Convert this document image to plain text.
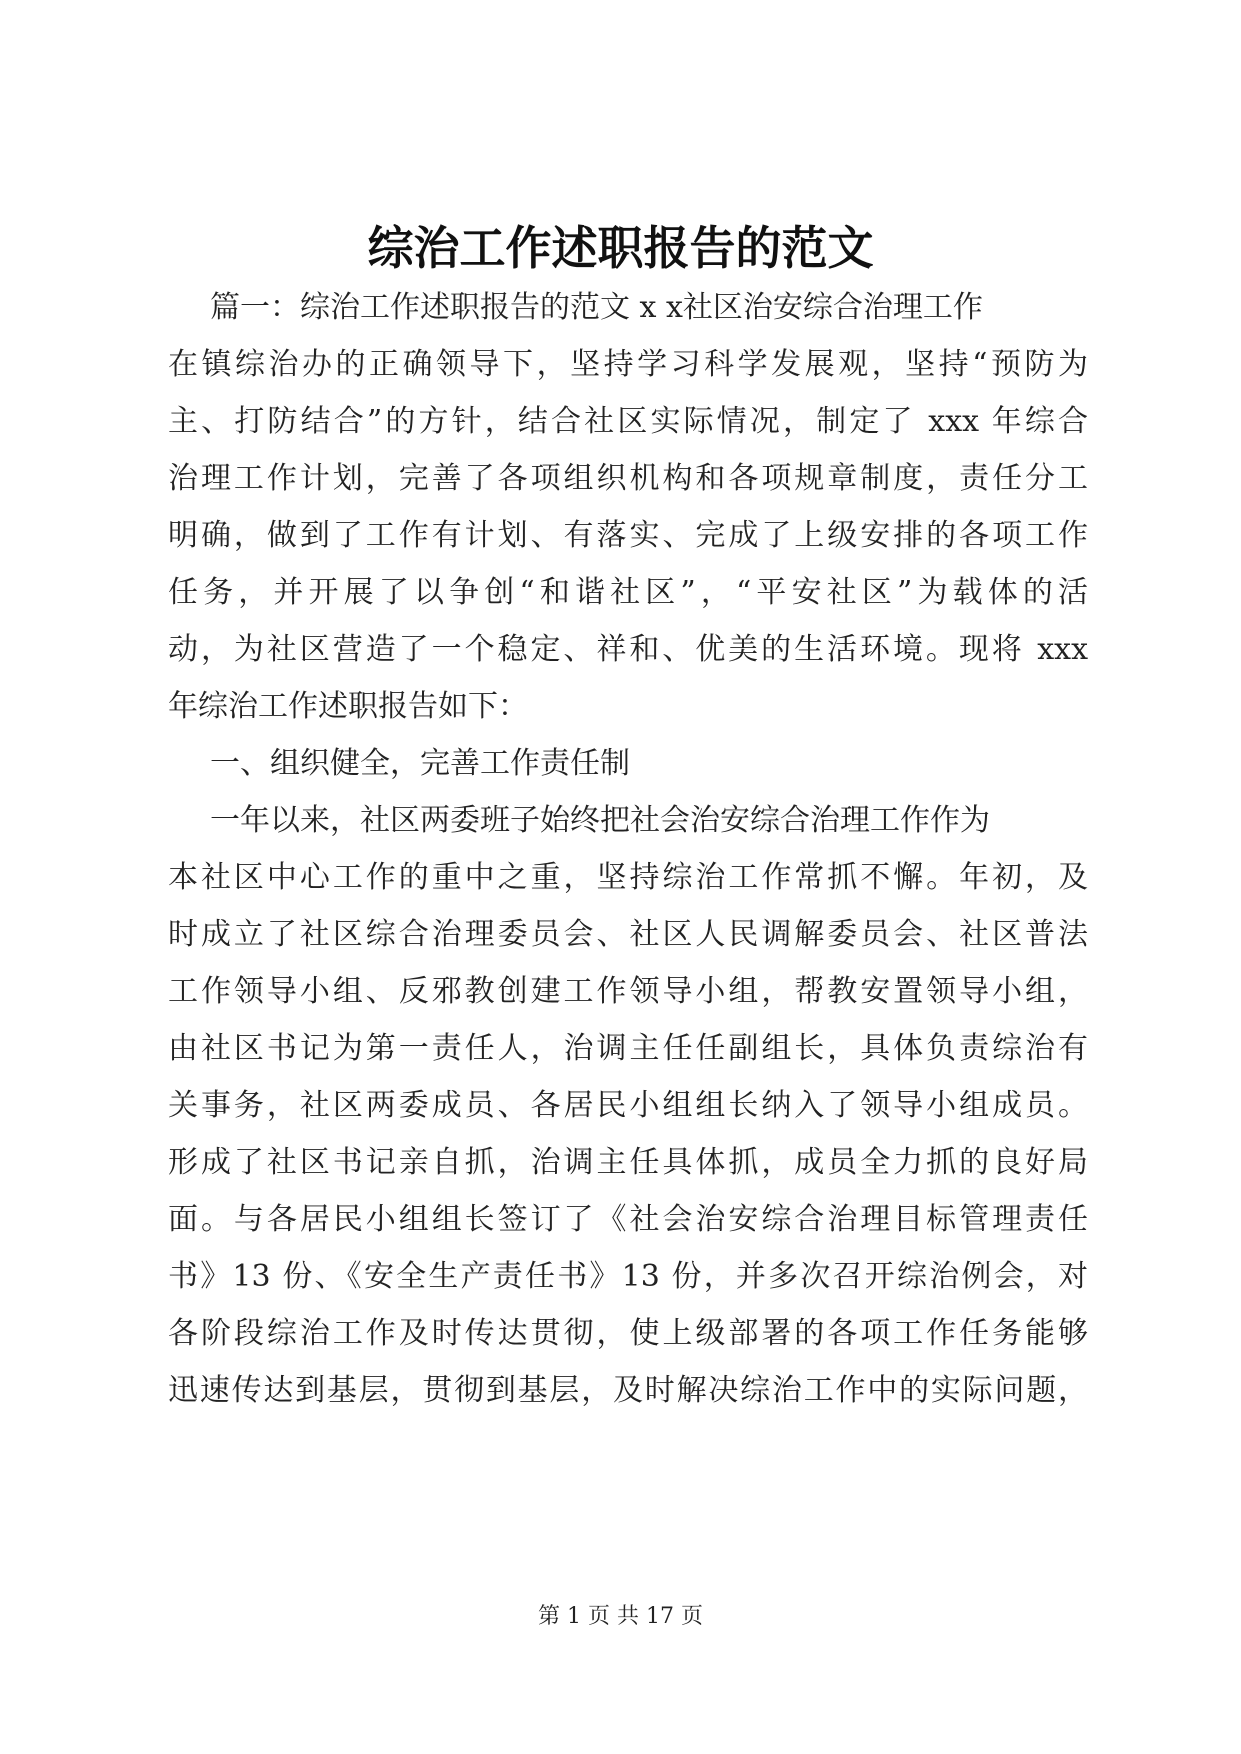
综治工作述职报告的范文
篇一：综治工作述职报告的范文 x x社区治安综合治理工作
在镇综治办的正确领导下，坚持学习科学发展观，坚持“预防为
主、打防结合”的方针，结合社区实际情况，制定了 xxx 年综合
治理工作计划，完善了各项组织机构和各项规章制度，责任分工
明确，做到了工作有计划、有落实、完成了上级安排的各项工作
任务，并开展了以争创“和谐社区”，“平安社区”为载体的活
动，为社区营造了一个稳定、祥和、优美的生活环境。现将 xxx
年综治工作述职报告如下：
一、组织健全，完善工作责任制
一年以来，社区两委班子始终把社会治安综合治理工作作为
本社区中心工作的重中之重，坚持综治工作常抓不懈。年初，及
时成立了社区综合治理委员会、社区人民调解委员会、社区普法
工作领导小组、反邪教创建工作领导小组，帮教安置领导小组，
由社区书记为第一责任人，治调主任任副组长，具体负责综治有
关事务，社区两委成员、各居民小组组长纳入了领导小组成员。
形成了社区书记亲自抓，治调主任具体抓，成员全力抓的良好局
面。与各居民小组组长签订了《社会治安综合治理目标管理责任
书》13 份、《安全生产责任书》13 份，并多次召开综治例会，对
各阶段综治工作及时传达贯彻，使上级部署的各项工作任务能够
迅速传达到基层，贯彻到基层，及时解决综治工作中的实际问题，
第 1 页 共 17 页
